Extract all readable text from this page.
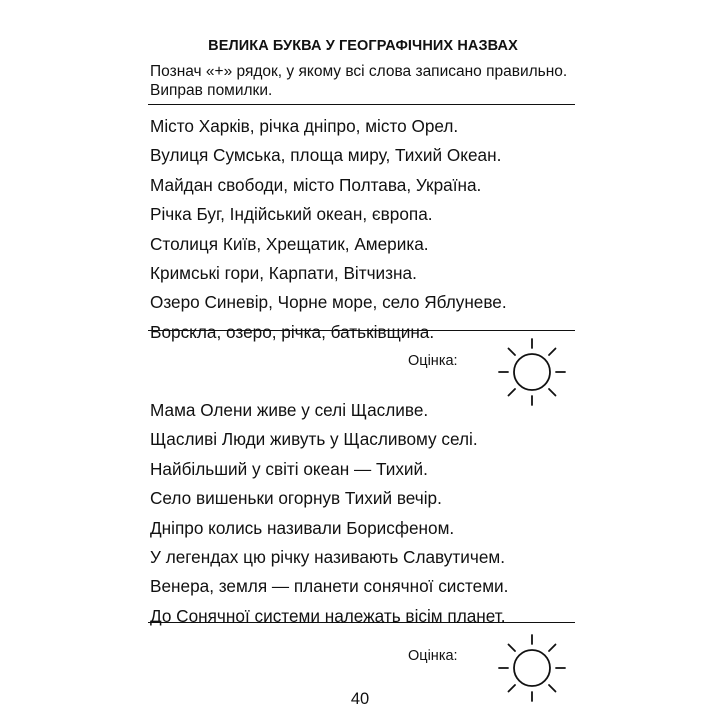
ВЕЛИКА БУКВА У ГЕОГРАФІЧНИХ НАЗВАХ
Познач «+» рядок, у якому всі слова записано правильно.
Виправ помилки.
Місто Харків, річка дніпро, місто Орел.
Вулиця Сумська, площа миру, Тихий Океан.
Майдан свободи, місто Полтава, Україна.
Річка Буг, Індійський океан, європа.
Столиця Київ, Хрещатик, Америка.
Кримські гори, Карпати, Вітчизна.
Озеро Синевір, Чорне море, село Яблуневе.
Ворскла, озеро, річка, батьківщина.
Оцінка:
Мама Олени живе у селі Щасливе.
Щасливі Люди живуть у Щасливому селі.
Найбільший у світі океан — Тихий.
Село вишеньки огорнув Тихий вечір.
Дніпро колись називали Борисфеном.
У легендах цю річку називають Славутичем.
Венера, земля — планети сонячної системи.
До Сонячної системи належать вісім планет.
Оцінка:
40
